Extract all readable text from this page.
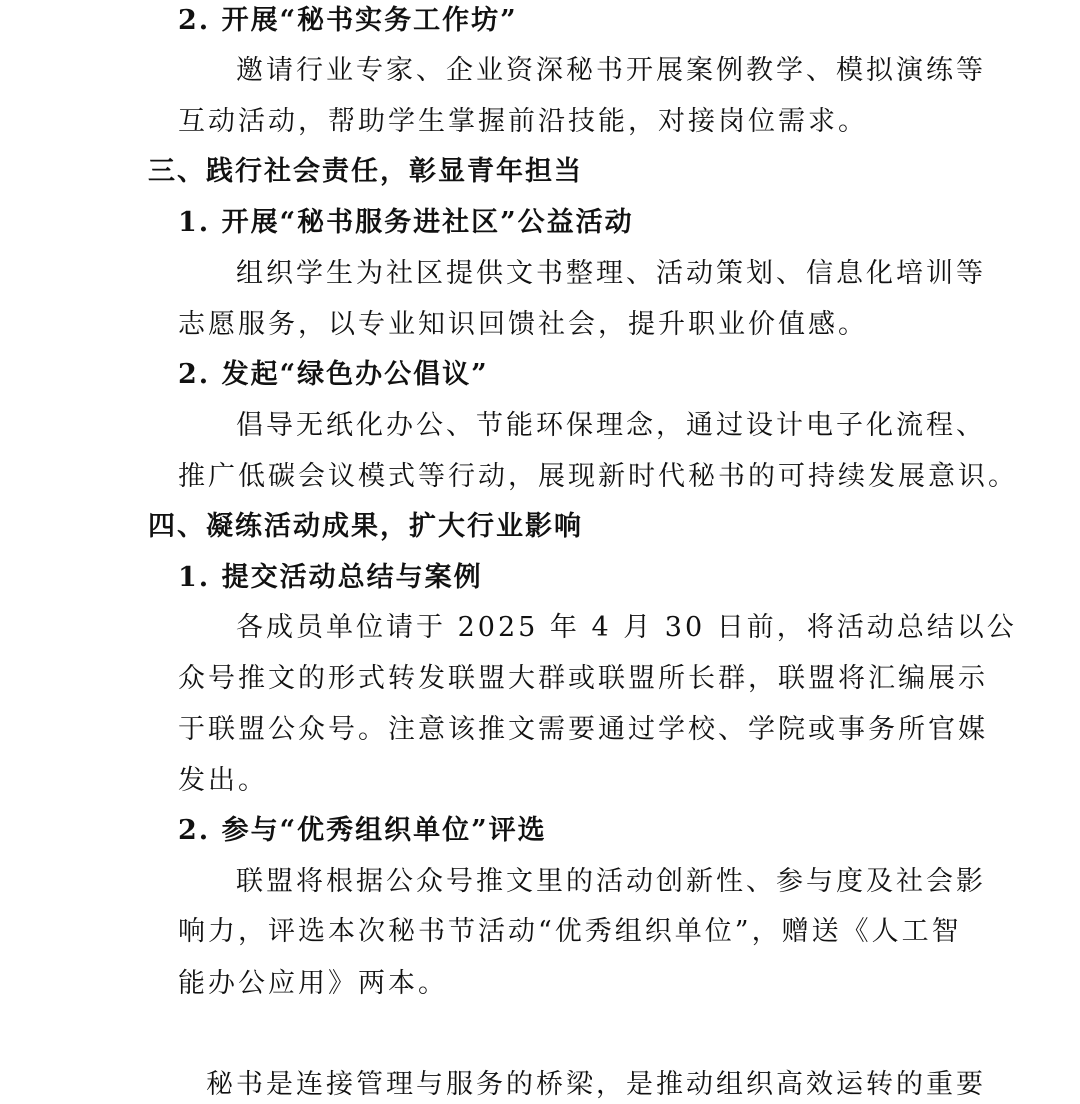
2. 开展“秘书实务工作坊”
邀请行业专家、企业资深秘书开展案例教学、模拟演练等
互动活动，帮助学生掌握前沿技能，对接岗位需求。
三、践行社会责任，彰显青年担当
1. 开展“秘书服务进社区”公益活动
组织学生为社区提供文书整理、活动策划、信息化培训等
志愿服务，以专业知识回馈社会，提升职业价值感。
2. 发起“绿色办公倡议”
倡导无纸化办公、节能环保理念，通过设计电子化流程、
推广低碳会议模式等行动，展现新时代秘书的可持续发展意识。
四、凝练活动成果，扩大行业影响
1. 提交活动总结与案例
各成员单位请于 2025 年 4 月 30 日前，将活动总结以公
众号推文的形式转发联盟大群或联盟所长群，联盟将汇编展示
于联盟公众号。注意该推文需要通过学校、学院或事务所官媒
发出。
2. 参与“优秀组织单位”评选
联盟将根据公众号推文里的活动创新性、参与度及社会影
响力，评选本次秘书节活动“优秀组织单位”，赠送《人工智
能办公应用》两本。
秘书是连接管理与服务的桥梁，是推动组织高效运转的重要
